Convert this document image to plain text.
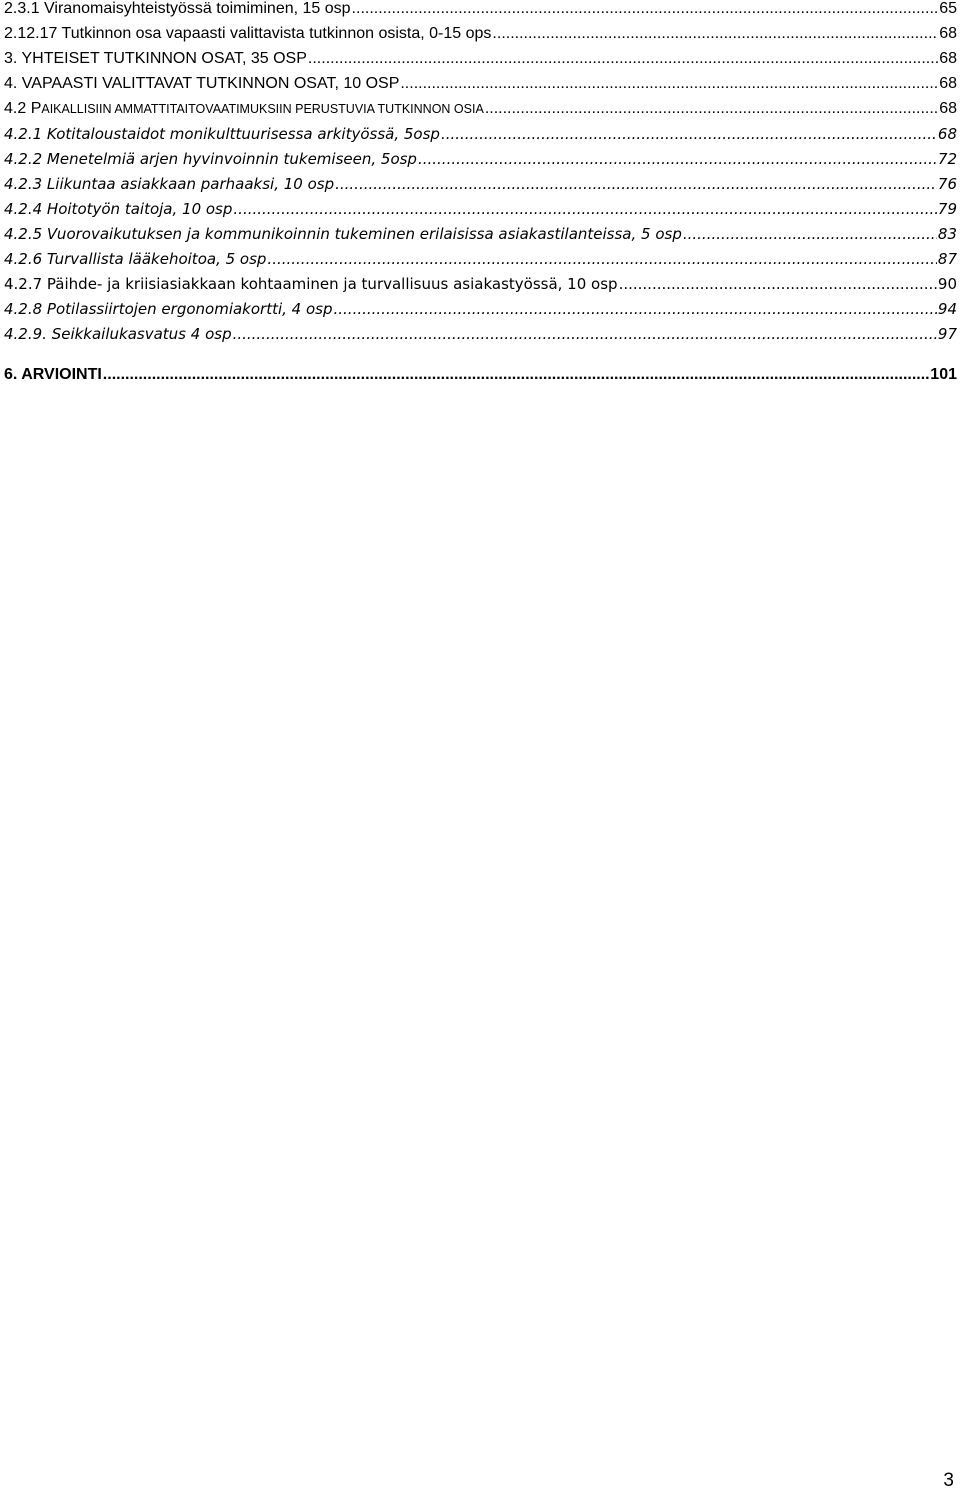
2.3.1 Viranomaisyhteistyössä toimiminen, 15 osp .....	65
2.12.17 Tutkinnon osa vapaasti valittavista tutkinnon osista, 0-15 ops .....	68
3. YHTEISET TUTKINNON OSAT, 35 OSP .....	68
4. VAPAASTI VALITTAVAT TUTKINNON OSAT, 10 OSP .....	68
4.2 PAIKALLISIIN AMMATTITAITOVAATIMUKSIIN PERUSTUVIA TUTKINNON OSIA .....	68
4.2.1 Kotitaloustaidot monikulttuurisessa arkityössä, 5osp .....	68
4.2.2 Menetelmiä arjen hyvinvoinnin tukemiseen, 5osp .....	72
4.2.3 Liikuntaa asiakkaan parhaaksi, 10 osp .....	76
4.2.4 Hoitotyön taitoja, 10 osp .....	79
4.2.5 Vuorovaikutuksen ja kommunikoinnin tukeminen erilaisissa asiakastilanteissa, 5 osp .....	83
4.2.6 Turvallista lääkehoitoa, 5 osp .....	87
4.2.7 Päihde- ja kriisiasiakkaan kohtaaminen ja turvallisuus asiakastyössä, 10 osp .....	90
4.2.8 Potilassiirtojen ergonomiakortti, 4 osp .....	94
4.2.9. Seikkailukasvatus 4 osp .....	97
6. ARVIOINTI .....	101
3
